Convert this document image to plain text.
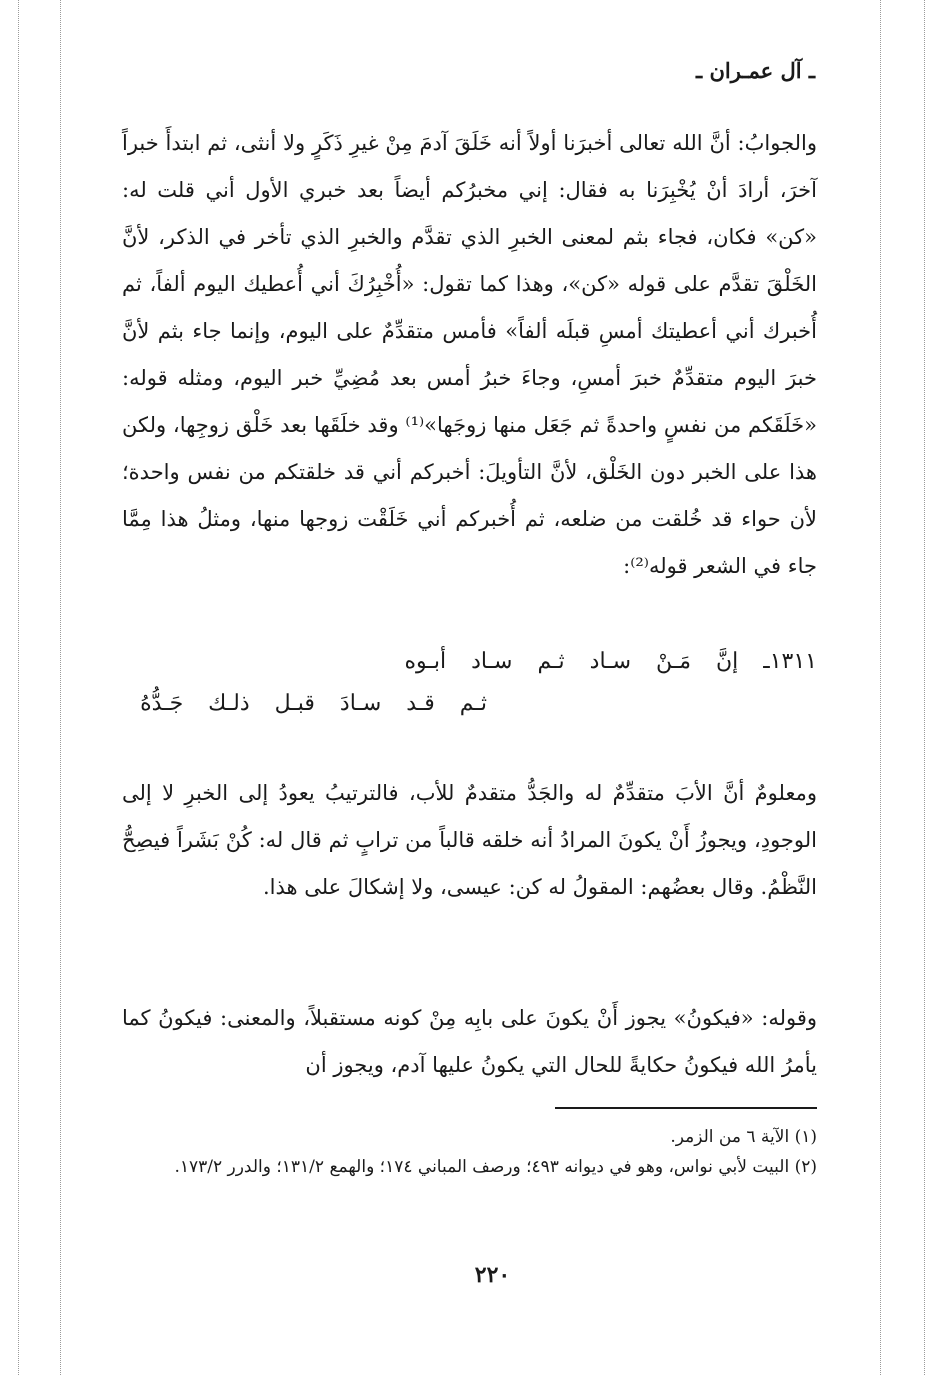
ـ آل عمـران ـ
والجوابُ: أنَّ الله تعالى أخبرَنا أولاً أنه خَلَقَ آدمَ مِنْ غيرِ ذَكَرٍ ولا أنثى، ثم ابتدأَ خبراً آخرَ، أرادَ أنْ يُخْبِرَنا به فقال: إني مخبرُكم أيضاً بعد خبري الأول أني قلت له: «كن» فكان، فجاء بثم لمعنى الخبرِ الذي تقدَّم والخبرِ الذي تأخر في الذكر، لأنَّ الخَلْقَ تقدَّم على قوله «كن»، وهذا كما تقول: «أُخْبِرُكَ أني أُعطيك اليوم ألفاً، ثم أُخبرك أني أعطيتك أمسِ قبلَه ألفاً» فأمس متقدِّمٌ على اليوم، وإنما جاء بثم لأنَّ خبرَ اليوم متقدِّمٌ خبرَ أمسِ، وجاءَ خبرُ أمس بعد مُضِيِّ خبر اليوم، ومثله قوله: «خَلَقَكم من نفسٍ واحدةً ثم جَعَل منها زوجَها»⁽¹⁾ وقد خلَقَها بعد خَلْق زوجِها، ولكن هذا على الخبر دون الخَلْق، لأنَّ التأويلَ: أخبركم أني قد خلقتكم من نفس واحدة؛ لأن حواء قد خُلقت من ضلعه، ثم أُخبركم أني خَلَقْت زوجها منها، ومثلُ هذا مِمَّا جاء في الشعر قوله⁽²⁾:
١٣١١ـ إنَّ مَـنْ سـاد ثـم سـاد أبـوه
ثـم قـد سـادَ قبـل ذلـك جَـدُّهُ
ومعلومٌ أنَّ الأبَ متقدِّمٌ له والجَدُّ متقدمٌ للأب، فالترتيبُ يعودُ إلى الخبرِ لا إلى الوجودِ، ويجوزُ أَنْ يكونَ المرادُ أنه خلقه قالباً من ترابٍ ثم قال له: كُنْ بَشَراً فيصِحُّ النَّظْمُ. وقال بعضُهم: المقولُ له كن: عيسى، ولا إشكالَ على هذا.
وقوله: «فيكونُ» يجوز أَنْ يكونَ على بابِه مِنْ كونه مستقبلاً، والمعنى: فيكونُ كما يأمرُ الله فيكونُ حكايةً للحال التي يكونُ عليها آدم، ويجوز أن
(١) الآية ٦ من الزمر.
(٢) البيت لأبي نواس، وهو في ديوانه ٤٩٣؛ ورصف المباني ١٧٤؛ والهمع ١٣١/٢؛ والدرر ١٧٣/٢.
٢٢٠
